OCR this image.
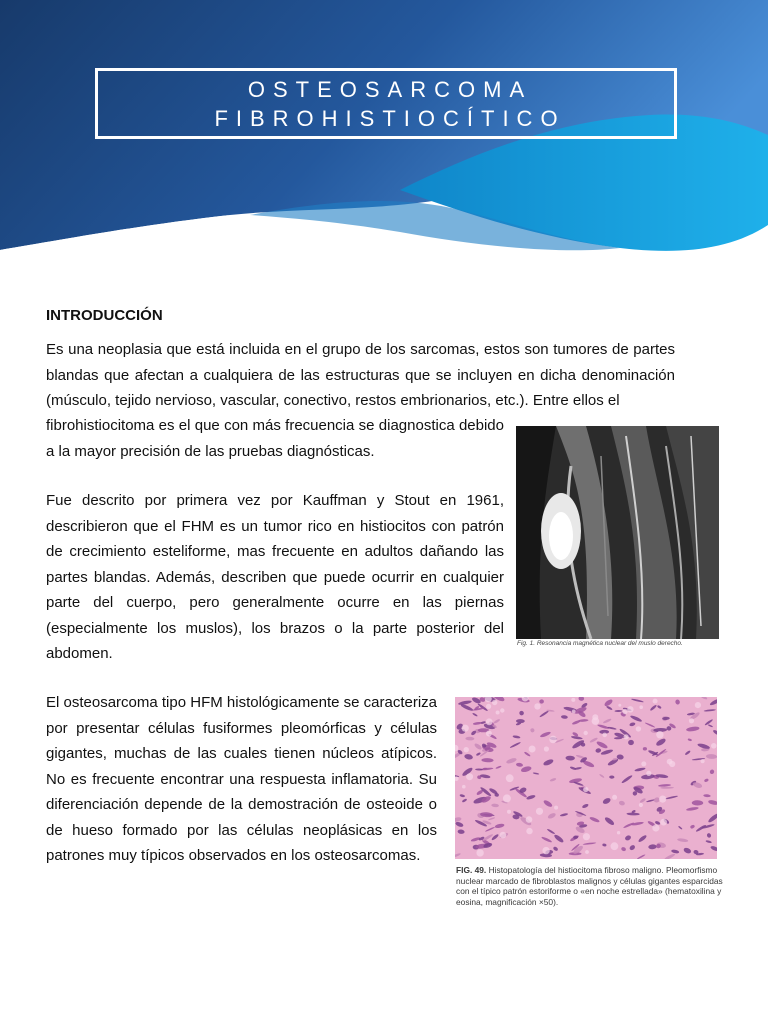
OSTEOSARCOMA
FIBROHISTIOCÍTICO
INTRODUCCIÓN

Es una neoplasia que está incluida en el grupo de los sarcomas, estos son tumores de partes blandas que afectan a cualquiera de las estructuras que se incluyen en dicha denominación (músculo, tejido nervioso, vascular, conectivo, restos embrionarios, etc.). Entre ellos el

fibrohistiocitoma es el que con más frecuencia se diagnostica debido a la mayor precisión de las pruebas diagnósticas.

Fue descrito por primera vez por Kauffman y Stout en 1961, describieron que el FHM es un tumor rico en histiocitos con patrón de crecimiento esteliforme, mas frecuente en adultos dañando las partes blandas. Además, describen que puede ocurrir en cualquier parte del cuerpo, pero generalmente ocurre en las piernas (especialmente los muslos), los brazos o la parte posterior del abdomen.

El osteosarcoma tipo HFM histológicamente se caracteriza por presentar células fusiformes pleomórficas y células gigantes, muchas de las cuales tienen núcleos atípicos. No es frecuente encontrar una respuesta inflamatoria. Su diferenciación depende de la demostración de osteoide o de hueso formado por las células neoplásicas en los patrones muy típicos observados en los osteosarcomas.

Fig. 1. Resonancia magnética nuclear del muslo derecho.

FIG. 49. Histopatología del histiocitoma fibroso maligno. Pleomorfismo nuclear marcado de fibroblastos malignos y células gigantes esparcidas con el típico patrón estoriforme o «en noche estrellada» (hematoxilina y eosina, magnificación ×50).
